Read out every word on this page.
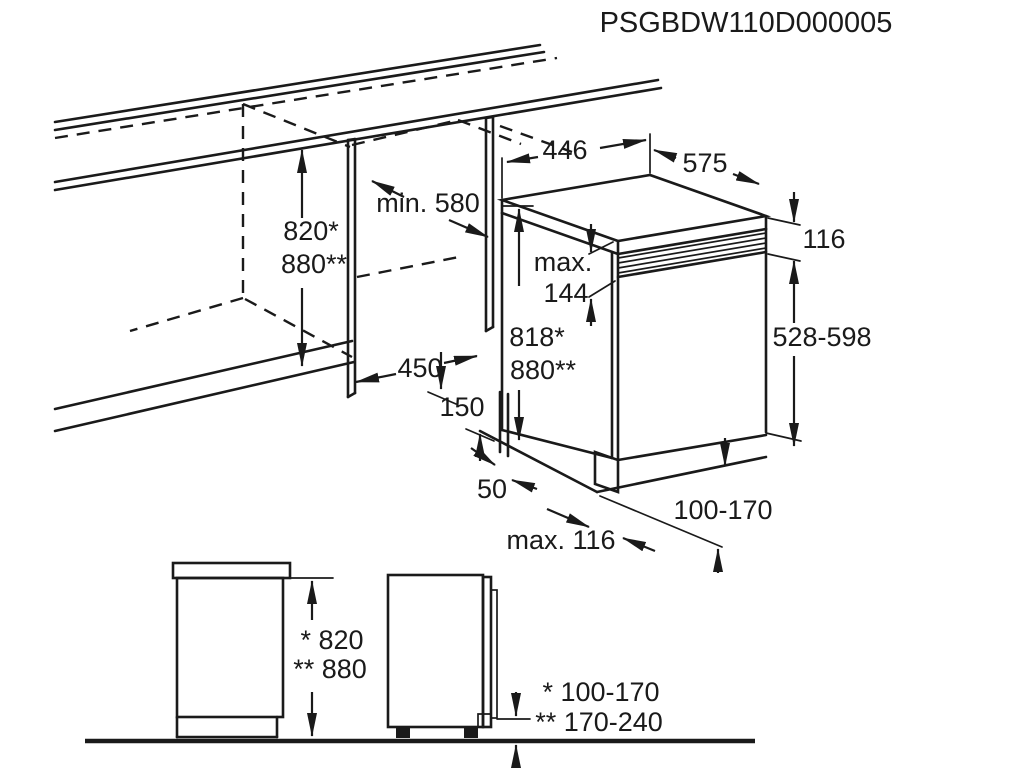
PSGBDW110D000005
820*
880**
min. 580
446	575
116
528-598
max.
144
818*
880**
450
150
50
max. 116
100-170
* 820
** 880
* 100-170
** 170-240
